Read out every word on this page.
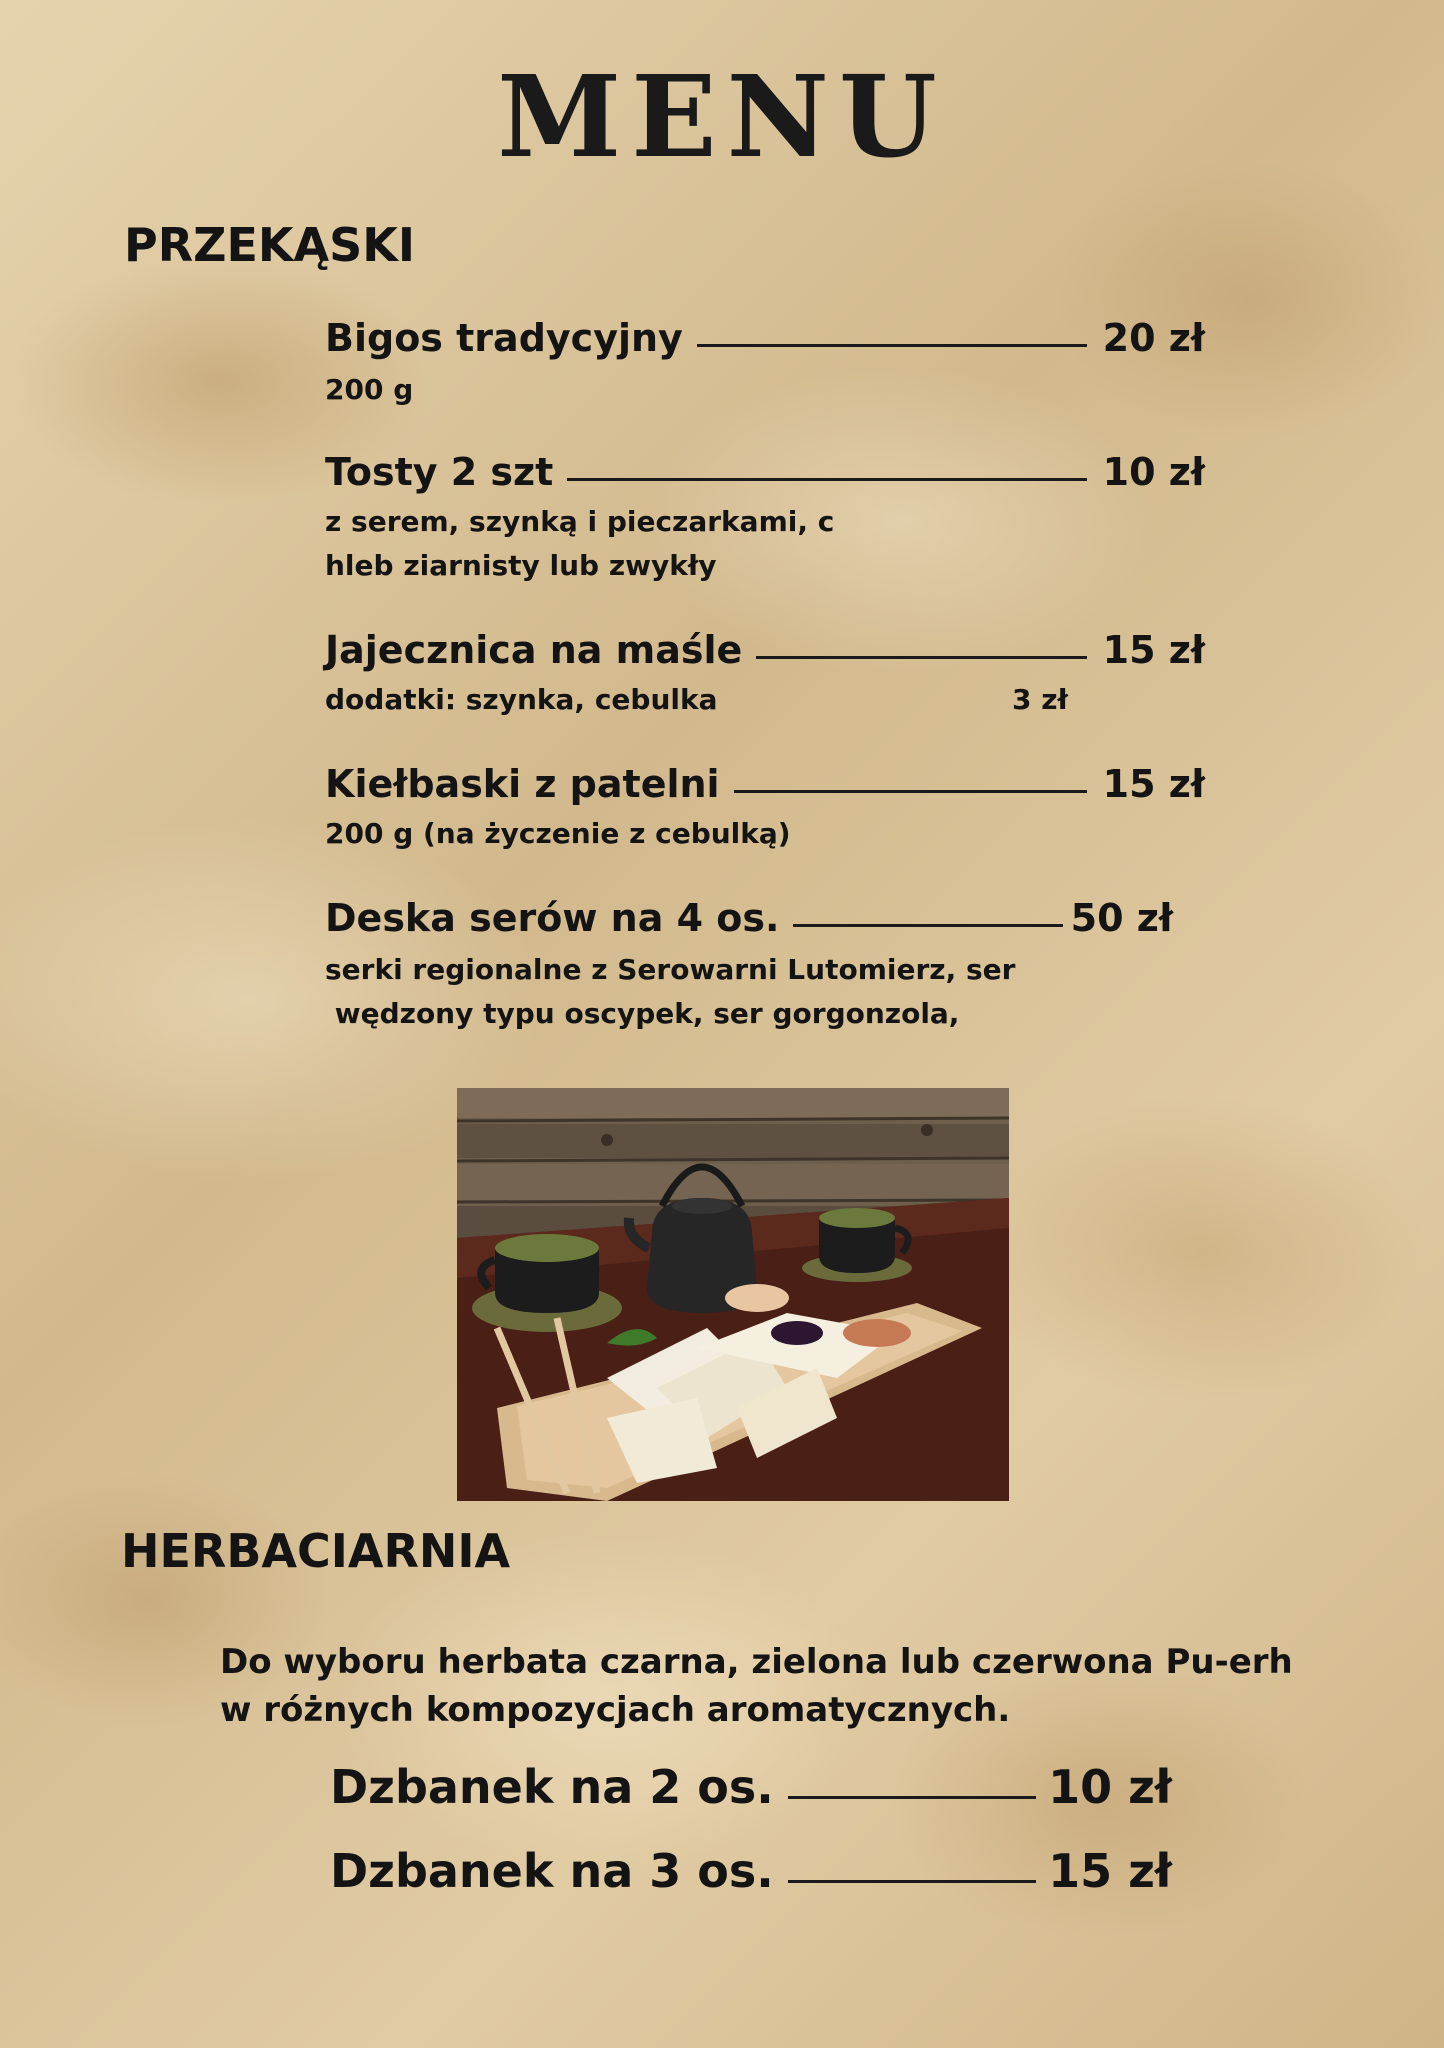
MENU
PRZEKĄSKI
Bigos tradycyjny	20 zł
200 g
Tosty 2 szt	10 zł
z serem, szynką i pieczarkami, c
hleb ziarnisty lub zwykły
Jajecznica na maśle	15 zł
dodatki: szynka, cebulka	3 zł
Kiełbaski z patelni	15 zł
200 g (na życzenie z cebulką)
Deska serów na 4 os.	50 zł
serki regionalne z Serowarni Lutomierz, ser
wędzony typu oscypek, ser gorgonzola,
HERBACIARNIA
Do wyboru herbata czarna, zielona lub czerwona Pu-erh
w różnych kompozycjach aromatycznych.
Dzbanek na 2 os.	10 zł
Dzbanek na 3 os.	15 zł
